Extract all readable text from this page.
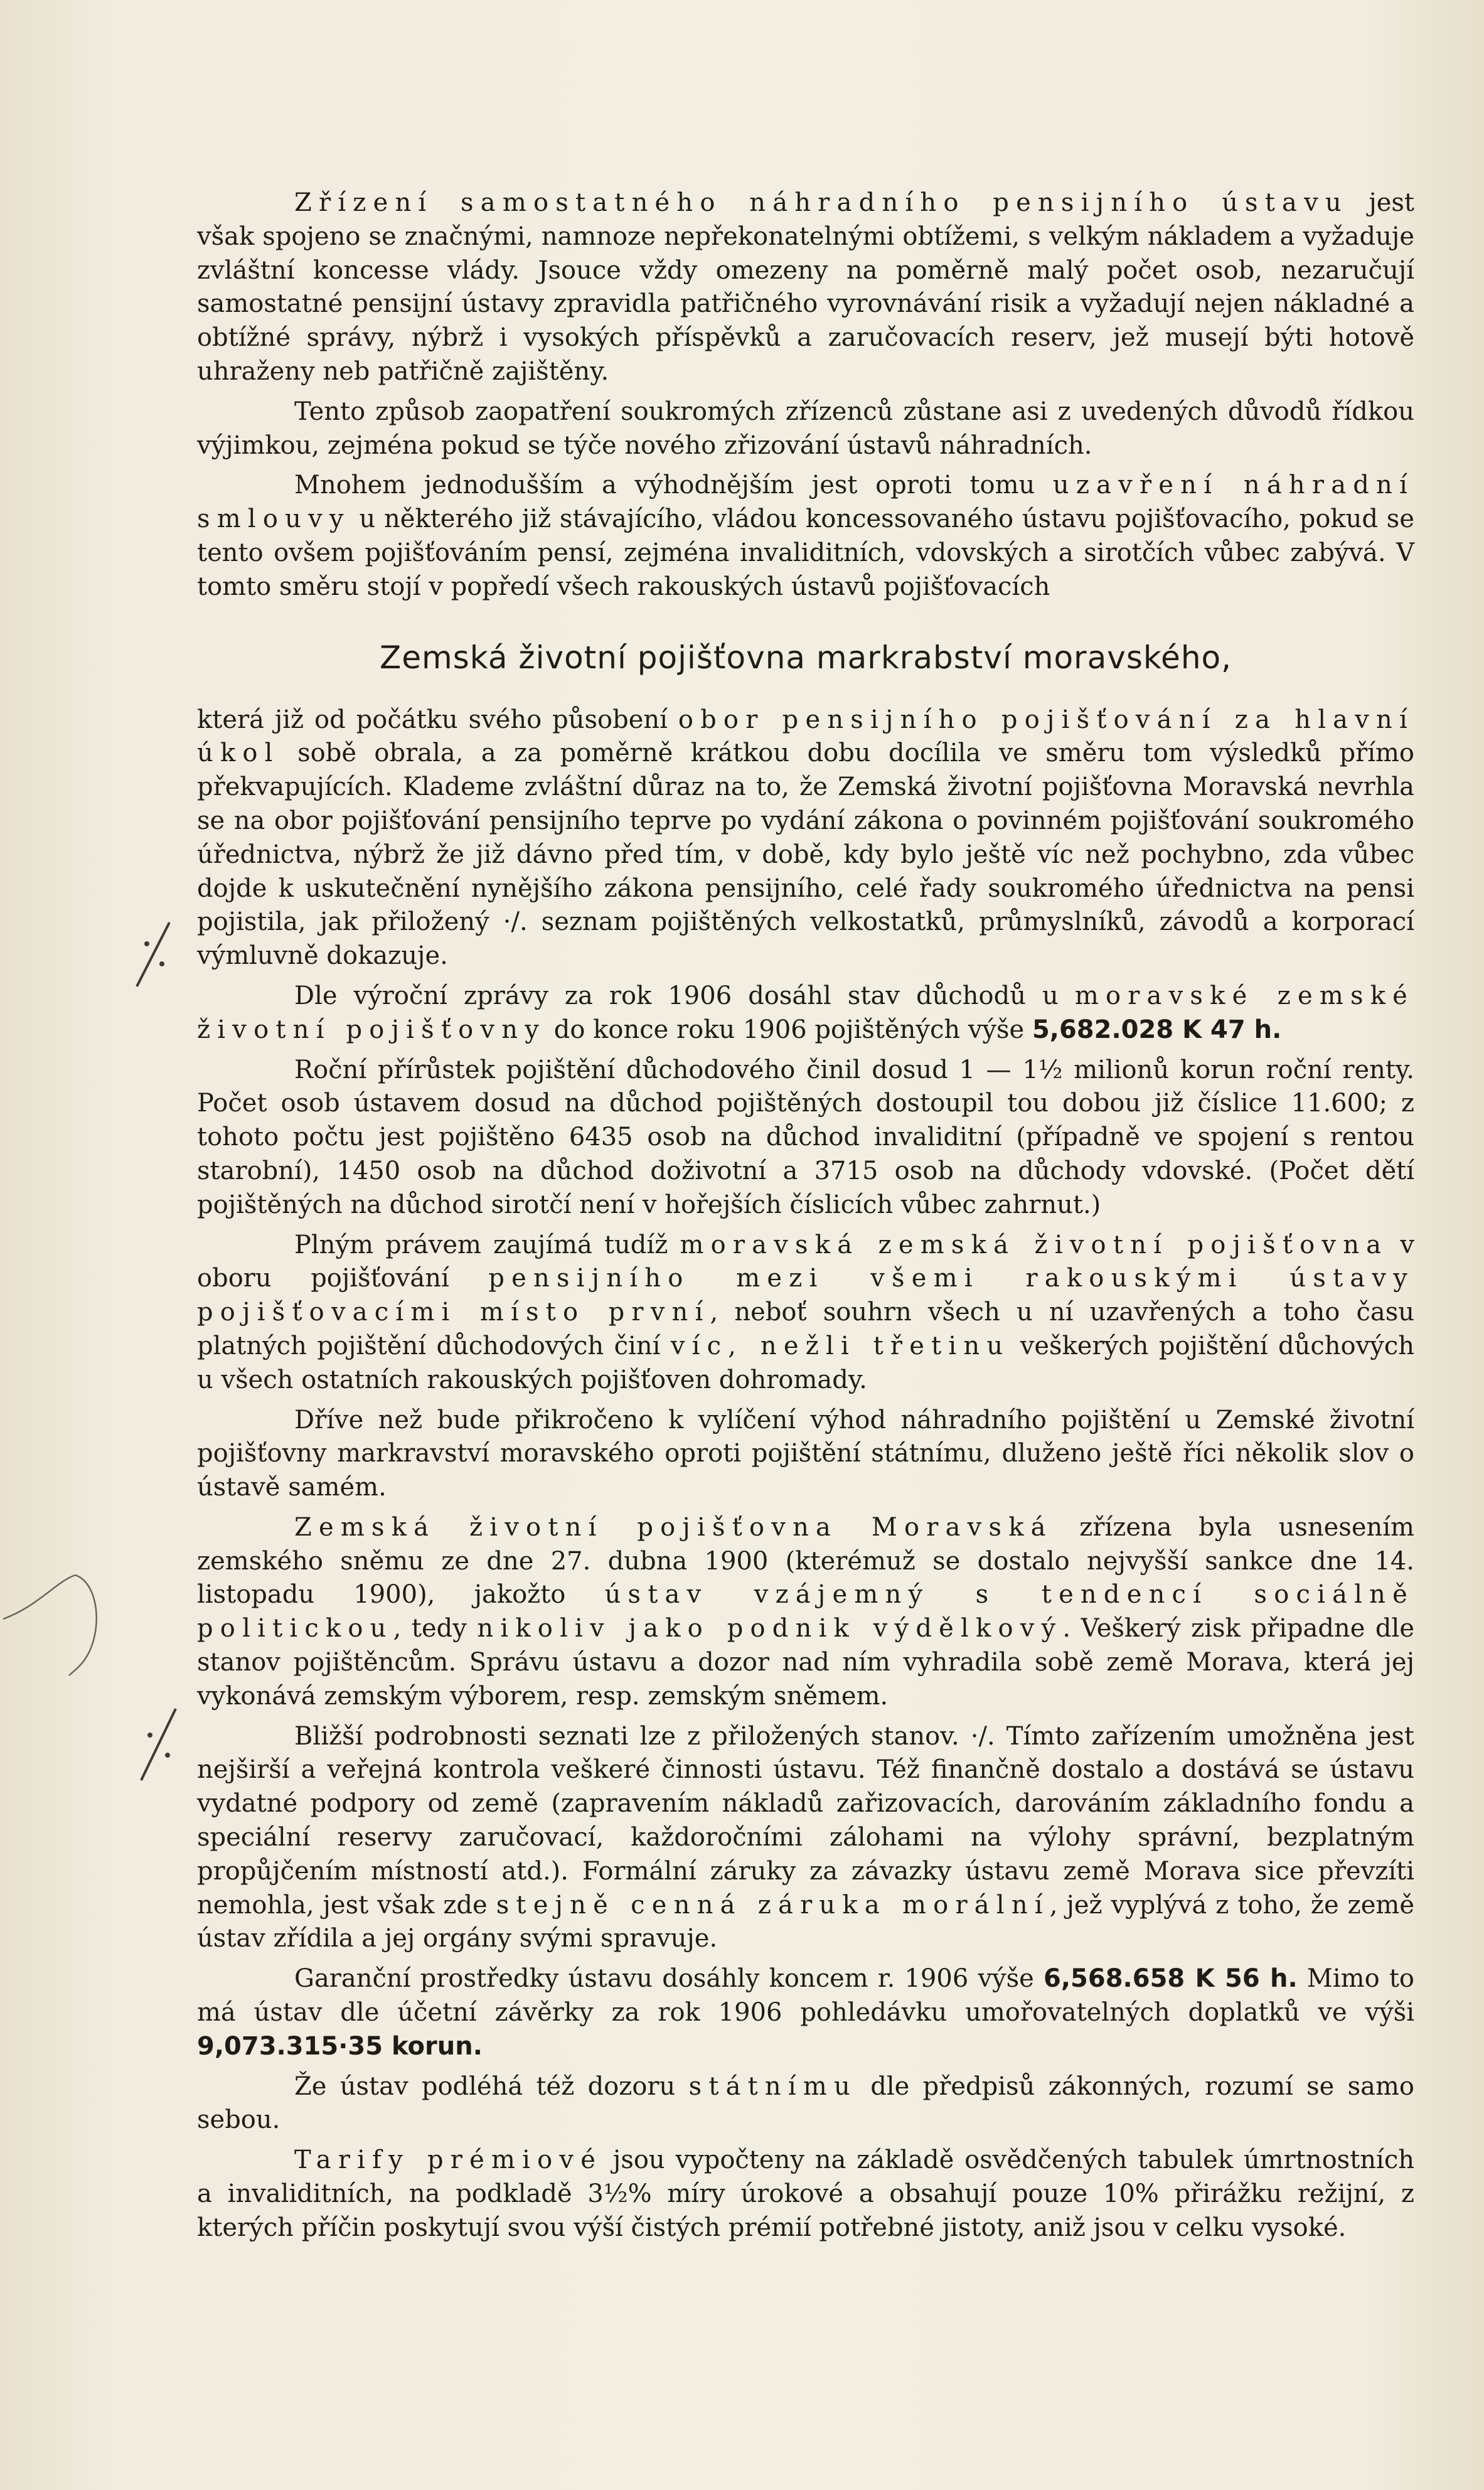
Zřízení samostatného náhradního pensijního ústavu jest však spojeno se značnými, namnoze nepřekonatelnými obtížemi, s velkým nákladem a vyžaduje zvláštní koncesse vlády. Jsouce vždy omezeny na poměrně malý počet osob, nezaručují samostatné pensijní ústavy zpravidla patřičného vyrovnávání risik a vyžadují nejen nákladné a obtížné správy, nýbrž i vysokých příspěvků a zaručovacích reserv, jež musejí býti hotově uhraženy neb patřičně zajištěny.

Tento způsob zaopatření soukromých zřízenců zůstane asi z uvedených důvodů řídkou výjimkou, zejména pokud se týče nového zřizování ústavů náhradních.

Mnohem jednodušším a výhodnějším jest oproti tomu uzavření náhradní smlouvy u některého již stávajícího, vládou koncessovaného ústavu pojišťovacího, pokud se tento ovšem pojišťováním pensí, zejména invaliditních, vdovských a sirotčích vůbec zabývá. V tomto směru stojí v popředí všech rakouských ústavů pojišťovacích

Zemská životní pojišťovna markrabství moravského,

která již od počátku svého působení obor pensijního pojišťování za hlavní úkol sobě obrala, a za poměrně krátkou dobu docílila ve směru tom výsledků přímo překvapujících. Klademe zvláštní důraz na to, že Zemská životní pojišťovna Moravská nevrhla se na obor pojišťování pensijního teprve po vydání zákona o povinném pojišťování soukromého úřednictva, nýbrž že již dávno před tím, v době, kdy bylo ještě víc než pochybno, zda vůbec dojde k uskutečnění nynějšího zákona pensijního, celé řady soukromého úřednictva na pensi pojistila, jak přiložený ·/. seznam pojištěných velkostatků, průmyslníků, závodů a korporací výmluvně dokazuje.

Dle výroční zprávy za rok 1906 dosáhl stav důchodů u moravské zemské životní pojišťovny do konce roku 1906 pojištěných výše 5,682.028 K 47 h.

Roční přírůstek pojištění důchodového činil dosud 1 — 1½ milionů korun roční renty. Počet osob ústavem dosud na důchod pojištěných dostoupil tou dobou již číslice 11.600; z tohoto počtu jest pojištěno 6435 osob na důchod invaliditní (případně ve spojení s rentou starobní), 1450 osob na důchod doživotní a 3715 osob na důchody vdovské. (Počet dětí pojištěných na důchod sirotčí není v hořejších číslicích vůbec zahrnut.)

Plným právem zaujímá tudíž moravská zemská životní pojišťovna v oboru pojišťování pensijního mezi všemi rakouskými ústavy pojišťovacími místo první, neboť souhrn všech u ní uzavřených a toho času platných pojištění důchodových činí víc, nežli třetinu veškerých pojištění důchových u všech ostatních rakouských pojišťoven dohromady.

Dříve než bude přikročeno k vylíčení výhod náhradního pojištění u Zemské životní pojišťovny markravství moravského oproti pojištění státnímu, dluženo ještě říci několik slov o ústavě samém.

Zemská životní pojišťovna Moravská zřízena byla usnesením zemského sněmu ze dne 27. dubna 1900 (kterémuž se dostalo nejvyšší sankce dne 14. listopadu 1900), jakožto ústav vzájemný s tendencí sociálně politickou, tedy nikoliv jako podnik výdělkový. Veškerý zisk připadne dle stanov pojištěncům. Správu ústavu a dozor nad ním vyhradila sobě země Morava, která jej vykonává zemským výborem, resp. zemským sněmem.

Bližší podrobnosti seznati lze z přiložených stanov. ·/. Tímto zařízením umožněna jest nejširší a veřejná kontrola veškeré činnosti ústavu. Též finančně dostalo a dostává se ústavu vydatné podpory od země (zapravením nákladů zařizovacích, darováním základního fondu a speciální reservy zaručovací, každoročními zálohami na výlohy správní, bezplatným propůjčením místností atd.). Formální záruky za závazky ústavu země Morava sice převzíti nemohla, jest však zde stejně cenná záruka morální, jež vyplývá z toho, že země ústav zřídila a jej orgány svými spravuje.

Garanční prostředky ústavu dosáhly koncem r. 1906 výše 6,568.658 K 56 h. Mimo to má ústav dle účetní závěrky za rok 1906 pohledávku umořovatelných doplatků ve výši 9,073.315·35 korun.

Že ústav podléhá též dozoru státnímu dle předpisů zákonných, rozumí se samo sebou.

Tarify prémiové jsou vypočteny na základě osvědčených tabulek úmrtnostních a invaliditních, na podkladě 3½% míry úrokové a obsahují pouze 10% přirážku režijní, z kterých příčin poskytují svou výší čistých prémií potřebné jistoty, aniž jsou v celku vysoké.
